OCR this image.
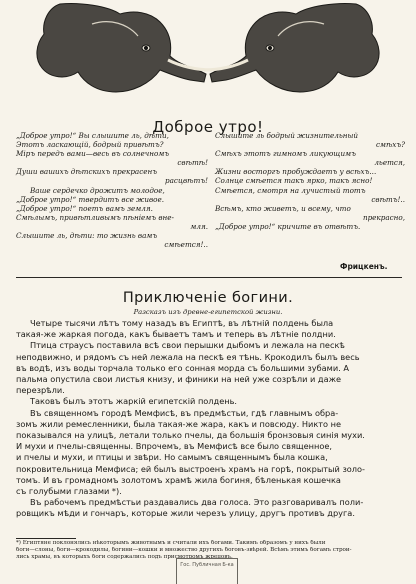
Доброе утро!
„Доброе утро!“ Вы слышите ль, дѣти,
Этотъ ласкающій, бодрый привѣтъ?
Міръ передъ вами—весь въ солнечномъ
свѣтѣ!
Души вашихъ дѣтскихъ прекрасенъ
расцвѣтъ!
Ваше сердечко дрожитъ молодое,
„Доброе утро!“ твердитъ все живое.
„Доброе утро!“ поетъ вамъ земля.
Смѣлымъ, привѣтливымъ пѣніемъ вне-
мля.
Слышите ль, дѣти: то жизнь вамъ
смѣется!..
Слышите ль бодрый жизнительный
смѣхъ?
Смѣхъ этотъ гимномъ ликующимъ
льется,
Жизни восторгъ пробуждаетъ у всѣхъ...
Солнце смѣется такъ ярко, такъ ясно!
Смѣется, смотря на лучистый тотъ
свѣтъ!..
Всѣмъ, кто живетъ, и всему, что
прекрасно,
„Доброе утро!“ кричите въ отвѣтъ.
Фрицкенъ.
Приключеніе богини.
Разсказъ изъ древне-египетской жизни.
Четыре тысячи лѣтъ тому назадъ въ Египтѣ, въ лѣтній полдень была
такая-же жаркая погода, какъ бываетъ тамъ и теперь въ лѣтніе полдни.
Птица страусъ поставила всѣ свои перышки дыбомъ и лежала на пескѣ
неподвижно, и рядомъ съ ней лежала на пескѣ ея тѣнь. Крокодилъ былъ весь
въ водѣ, изъ воды торчала только его сонная морда съ большими зубами. А
пальма опустила свои листья книзу, и финики на ней уже созрѣли и даже
перезрѣли.
Таковъ былъ этотъ жаркій египетскій полдень.
Въ священномъ городѣ Мемфисѣ, въ предмѣстьи, гдѣ главнымъ обра-
зомъ жили ремесленники, была такая-же жара, какъ и повсюду. Никто не
показывался на улицѣ, летали только пчелы, да большія бронзовыя синія мухи.
И мухи и пчелы-священны. Впрочемъ, въ Мемфисѣ все было священное,
и пчелы и мухи, и птицы и звѣри. Но самымъ священнымъ была кошка,
покровительница Мемфиса; ей былъ выстроенъ храмъ на горѣ, покрытый золо-
томъ. И въ громадномъ золотомъ храмѣ жила богиня, бѣленькая кошечка
съ голубыми глазами *).
Въ рабочемъ предмѣстьи раздавались два голоса. Это разговаривалъ поли-
ровщикъ мѣди и гончаръ, которые жили черезъ улицу, другъ противъ друга.
*) Египтяне поклонялись нѣкоторымъ животнымъ и считали ихъ богами. Такимъ образомъ у нихъ были
боги—слоны, боги—крокодилы, богини—кошки и множество другихъ боговъ-звѣрей. Всѣмъ этимъ богамъ строи-
лись храмы, въ которыхъ боги содержались подъ присмотромъ жрецовъ.
Гос. Публичная Б-ка
